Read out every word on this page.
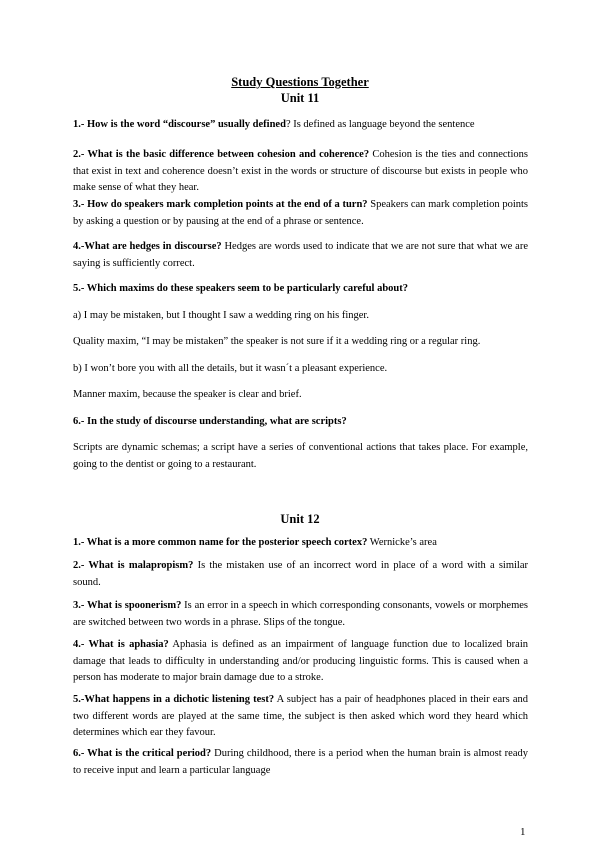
Study Questions Together
Unit 11

1.- How is the word “discourse” usually defined? Is defined as language beyond the sentence

2.- What is the basic difference between cohesion and coherence? Cohesion is the ties and connections that exist in text and coherence doesn’t exist in the words or structure of discourse but exists in people who make sense of what they hear.

3.- How do speakers mark completion points at the end of a turn? Speakers can mark completion points by asking a question or by pausing at the end of a phrase or sentence.

4.-What are hedges in discourse? Hedges are words used to indicate that we are not sure that what we are saying is sufficiently correct.

5.- Which maxims do these speakers seem to be particularly careful about?

a) I may be mistaken, but I thought I saw a wedding ring on his finger.

Quality maxim, “I may be mistaken” the speaker is not sure if it a wedding ring or a regular ring.

b) I won’t bore you with all the details, but it wasn´t a pleasant experience.

Manner maxim, because the speaker is clear and brief.

6.- In the study of discourse understanding, what are scripts?

Scripts are dynamic schemas; a script have a series of conventional actions that takes place. For example, going to the dentist or going to a restaurant.

Unit 12

1.- What is a more common name for the posterior speech cortex? Wernicke’s area

2.- What is malapropism? Is the mistaken use of an incorrect word in place of a word with a similar sound.

3.- What is spoonerism? Is an error in a speech in which corresponding consonants, vowels or morphemes are switched between two words in a phrase. Slips of the tongue.

4.- What is aphasia? Aphasia is defined as an impairment of language function due to localized brain damage that leads to difficulty in understanding and/or producing linguistic forms. This is caused when a person has moderate to major brain damage due to a stroke.

5.-What happens in a dichotic listening test? A subject has a pair of headphones placed in their ears and two different words are played at the same time, the subject is then asked which word they heard which determines which ear they favour.

6.- What is the critical period? During childhood, there is a period when the human brain is almost ready to receive input and learn a particular language

1
